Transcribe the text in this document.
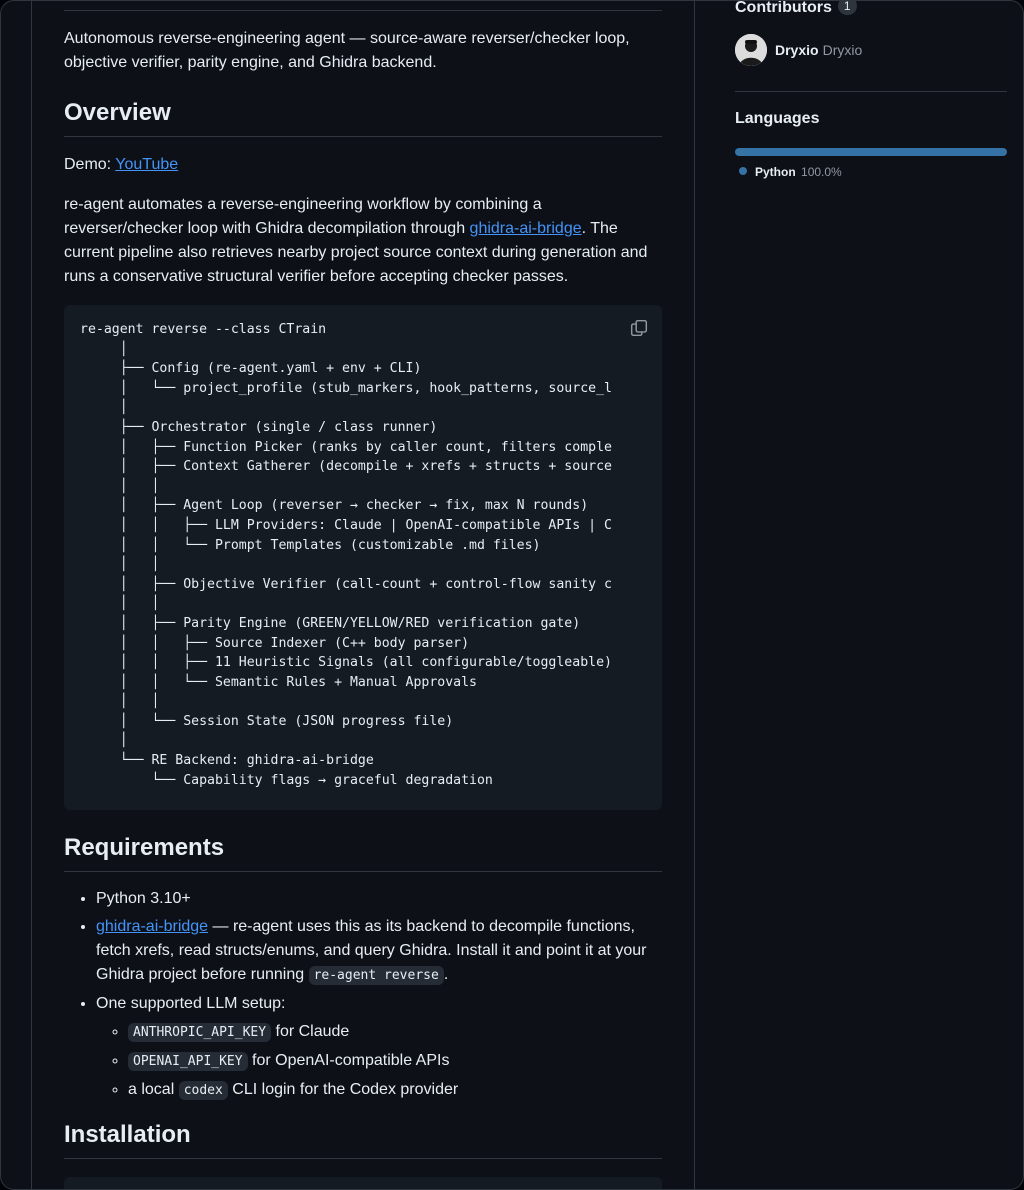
Autonomous reverse-engineering agent — source-aware reverser/checker loop, objective verifier, parity engine, and Ghidra backend.
Overview
Demo: YouTube
re-agent automates a reverse-engineering workflow by combining a reverser/checker loop with Ghidra decompilation through ghidra-ai-bridge. The current pipeline also retrieves nearby project source context during generation and runs a conservative structural verifier before accepting checker passes.
re-agent reverse --class CTrain
│
├── Config (re-agent.yaml + env + CLI)
│   └── project_profile (stub_markers, hook_patterns, source_l
│
├── Orchestrator (single / class runner)
│   ├── Function Picker (ranks by caller count, filters comple
│   ├── Context Gatherer (decompile + xrefs + structs + source
│   │
│   ├── Agent Loop (reverser → checker → fix, max N rounds)
│   │   ├── LLM Providers: Claude | OpenAI-compatible APIs | C
│   │   └── Prompt Templates (customizable .md files)
│   │
│   ├── Objective Verifier (call-count + control-flow sanity c
│   │
│   ├── Parity Engine (GREEN/YELLOW/RED verification gate)
│   │   ├── Source Indexer (C++ body parser)
│   │   ├── 11 Heuristic Signals (all configurable/toggleable)
│   │   └── Semantic Rules + Manual Approvals
│   │
│   └── Session State (JSON progress file)
│
└── RE Backend: ghidra-ai-bridge
└── Capability flags → graceful degradation
Requirements
• Python 3.10+
• ghidra-ai-bridge — re-agent uses this as its backend to decompile functions, fetch xrefs, read structs/enums, and query Ghidra. Install it and point it at your Ghidra project before running re-agent reverse .
• One supported LLM setup:
◦ ANTHROPIC_API_KEY for Claude
◦ OPENAI_API_KEY for OpenAI-compatible APIs
◦ a local codex CLI login for the Codex provider
Installation
Contributors 1
Dryxio Dryxio
Languages
Python 100.0%
